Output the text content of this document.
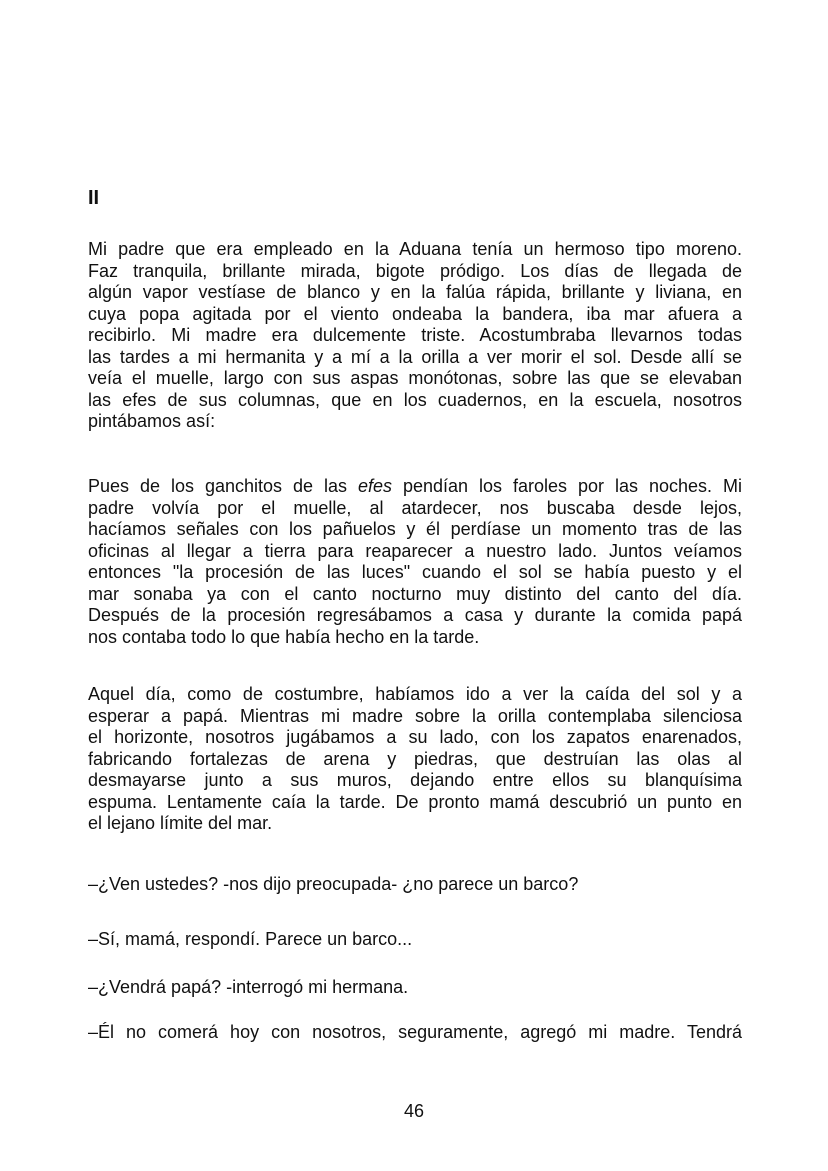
II
Mi padre que era empleado en la Aduana tenía un hermoso tipo moreno.
Faz tranquila, brillante mirada, bigote pródigo. Los días de llegada de
algún vapor vestíase de blanco y en la falúa rápida, brillante y liviana, en
cuya popa agitada por el viento ondeaba la bandera, iba mar afuera a
recibirlo. Mi madre era dulcemente triste. Acostumbraba llevarnos todas
las tardes a mi hermanita y a mí a la orilla a ver morir el sol. Desde allí se
veía el muelle, largo con sus aspas monótonas, sobre las que se elevaban
las efes de sus columnas, que en los cuadernos, en la escuela, nosotros
pintábamos así:
Pues de los ganchitos de las efes pendían los faroles por las noches. Mi
padre volvía por el muelle, al atardecer, nos buscaba desde lejos,
hacíamos señales con los pañuelos y él perdíase un momento tras de las
oficinas al llegar a tierra para reaparecer a nuestro lado. Juntos veíamos
entonces "la procesión de las luces" cuando el sol se había puesto y el
mar sonaba ya con el canto nocturno muy distinto del canto del día.
Después de la procesión regresábamos a casa y durante la comida papá
nos contaba todo lo que había hecho en la tarde.
Aquel día, como de costumbre, habíamos ido a ver la caída del sol y a
esperar a papá. Mientras mi madre sobre la orilla contemplaba silenciosa
el horizonte, nosotros jugábamos a su lado, con los zapatos enarenados,
fabricando fortalezas de arena y piedras, que destruían las olas al
desmayarse junto a sus muros, dejando entre ellos su blanquísima
espuma. Lentamente caía la tarde. De pronto mamá descubrió un punto en
el lejano límite del mar.
–¿Ven ustedes? -nos dijo preocupada- ¿no parece un barco?
–Sí, mamá, respondí. Parece un barco...
–¿Vendrá papá? -interrogó mi hermana.
–Él no comerá hoy con nosotros, seguramente, agregó mi madre. Tendrá
46
